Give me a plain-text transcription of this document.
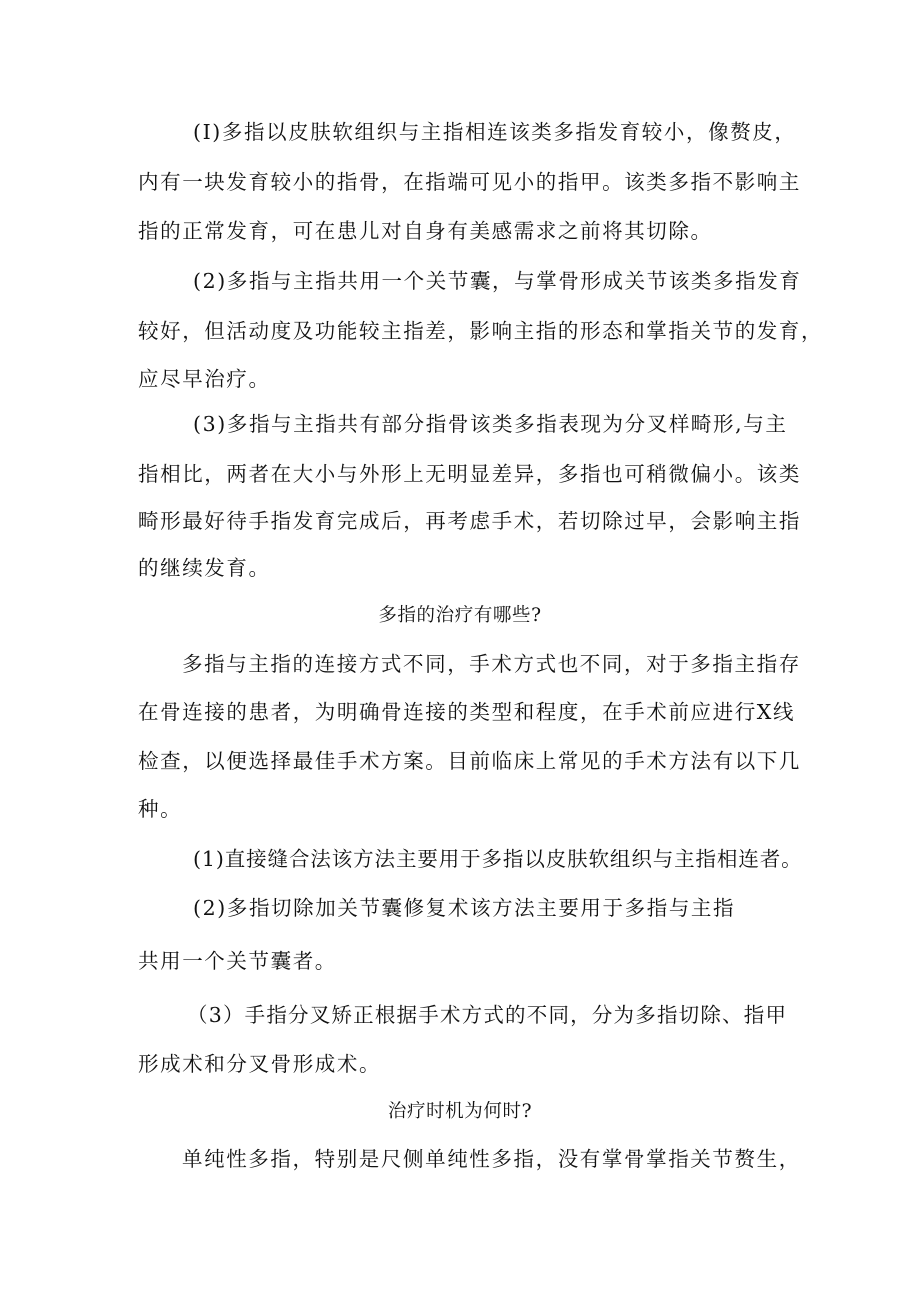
(I)多指以皮肤软组织与主指相连该类多指发育较小，像赘皮，
内有一块发育较小的指骨，在指端可见小的指甲。该类多指不影响主
指的正常发育，可在患儿对自身有美感需求之前将其切除。
(2)多指与主指共用一个关节囊，与掌骨形成关节该类多指发育
较好，但活动度及功能较主指差，影响主指的形态和掌指关节的发育，
应尽早治疗。
(3)多指与主指共有部分指骨该类多指表现为分叉样畸形,与主
指相比，两者在大小与外形上无明显差异，多指也可稍微偏小。该类
畸形最好待手指发育完成后，再考虑手术，若切除过早，会影响主指
的继续发育。
多指的治疗有哪些?
多指与主指的连接方式不同，手术方式也不同，对于多指主指存
在骨连接的患者，为明确骨连接的类型和程度，在手术前应进行X线
检查，以便选择最佳手术方案。目前临床上常见的手术方法有以下几
种。
(1)直接缝合法该方法主要用于多指以皮肤软组织与主指相连者。
(2)多指切除加关节囊修复术该方法主要用于多指与主指
共用一个关节囊者。
（3）手指分叉矫正根据手术方式的不同，分为多指切除、指甲
形成术和分叉骨形成术。
治疗时机为何时?
单纯性多指，特别是尺侧单纯性多指，没有掌骨掌指关节赘生，
